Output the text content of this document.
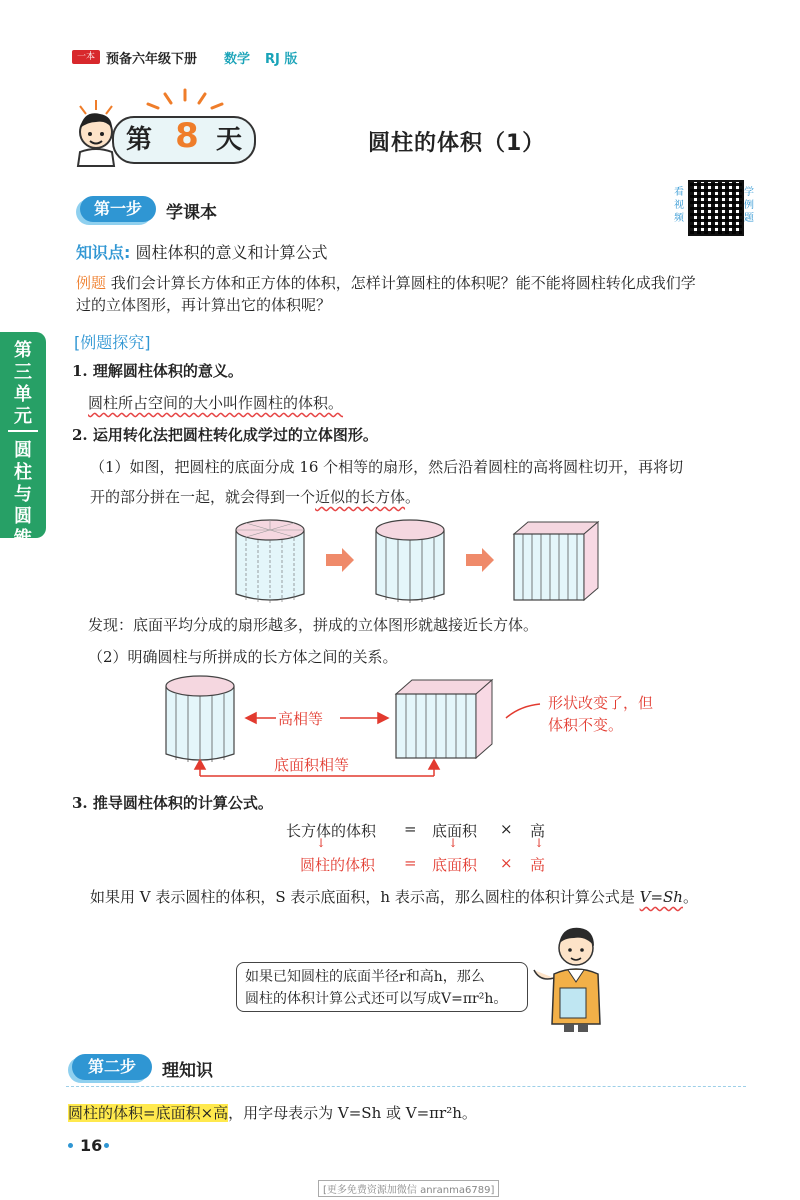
一本 预备六年级下册 数学 RJ 版
第 8 天	圆柱的体积（1）
第一步	学课本
看视频
学例题
第三单元
圆柱与圆锥
知识点: 圆柱体积的意义和计算公式
例题 我们会计算长方体和正方体的体积，怎样计算圆柱的体积呢？能不能将圆柱转化成我们学
过的立体图形，再计算出它的体积呢？
[例题探究]
1. 理解圆柱体积的意义。
圆柱所占空间的大小叫作圆柱的体积。
2. 运用转化法把圆柱转化成学过的立体图形。
（1）如图，把圆柱的底面分成 16 个相等的扇形，然后沿着圆柱的高将圆柱切开，再将切
开的部分拼在一起，就会得到一个近似的长方体。
发现：底面平均分成的扇形越多，拼成的立体图形就越接近长方体。
（2）明确圆柱与所拼成的长方体之间的关系。
高相等
底面积相等
形状改变了，但
体积不变。
3. 推导圆柱体积的计算公式。
长方体的体积 = 底面积 × 高
↓	↓	↓
圆柱的体积 = 底面积 × 高
如果用 V 表示圆柱的体积，S 表示底面积，h 表示高，那么圆柱的体积计算公式是 V=Sh。
如果已知圆柱的底面半径r和高h，那么
圆柱的体积计算公式还可以写成V=πr²h。
第二步	理知识
圆柱的体积=底面积×高，用字母表示为 V=Sh 或 V=πr²h。
16
[更多免费资源加微信 anranma6789]
